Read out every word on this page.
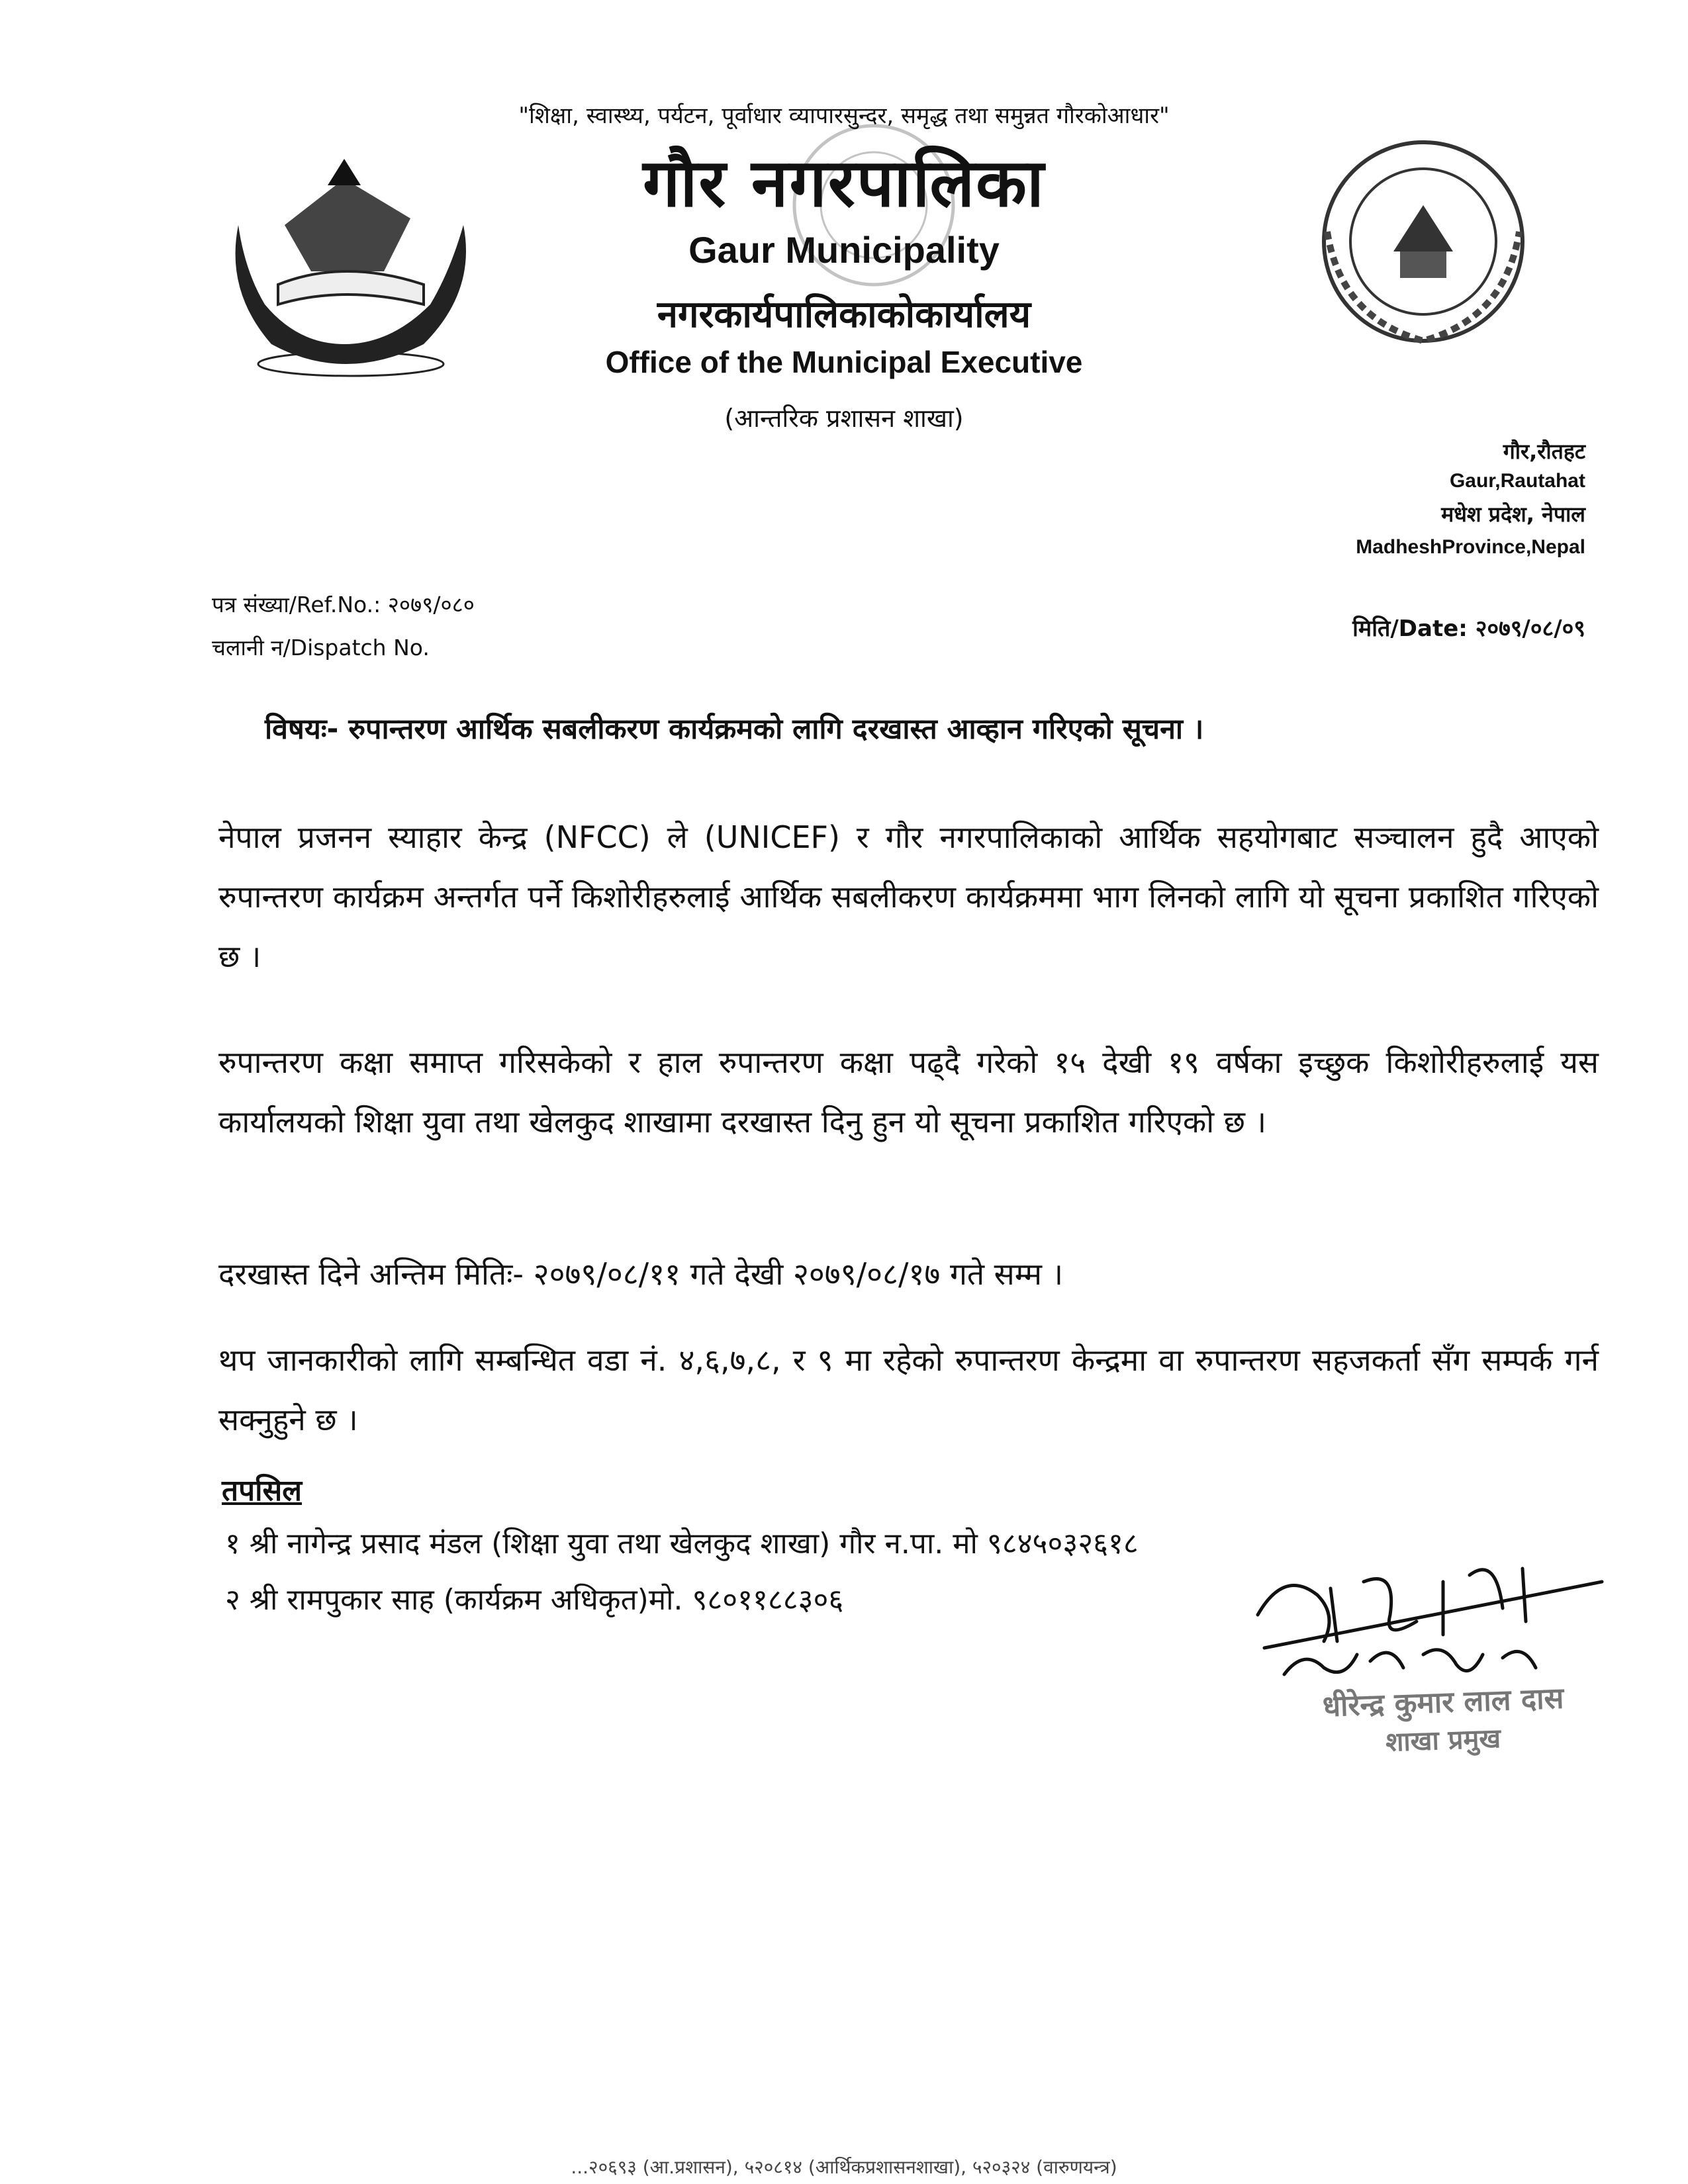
"शिक्षा, स्वास्थ्य, पर्यटन, पूर्वाधार व्यापारसुन्दर, समृद्ध तथा समुन्नत गौरकोआधार"
गौर नगरपालिका
Gaur Municipality
नगरकार्यपालिकाकोकार्यालय
Office of the Municipal Executive
(आन्तरिक प्रशासन शाखा)
गौर,रौतहट
Gaur,Rautahat
मधेश प्रदेश, नेपाल
MadheshProvince,Nepal
पत्र संख्या/Ref.No.: २०७९/०८०
चलानी न/Dispatch No.
मिति/Date: २०७९/०८/०९
विषयः- रुपान्तरण आर्थिक सबलीकरण कार्यक्रमको लागि दरखास्त आव्हान गरिएको सूचना ।
नेपाल प्रजनन स्याहार केन्द्र (NFCC) ले (UNICEF) र गौर नगरपालिकाको आर्थिक सहयोगबाट सञ्चालन हुदै आएको रुपान्तरण कार्यक्रम अन्तर्गत पर्ने किशोरीहरुलाई आर्थिक सबलीकरण कार्यक्रममा भाग लिनको लागि यो सूचना प्रकाशित गरिएको छ ।
रुपान्तरण कक्षा समाप्त गरिसकेको र हाल रुपान्तरण कक्षा पढ्दै गरेको १५ देखी १९ वर्षका इच्छुक किशोरीहरुलाई यस कार्यालयको शिक्षा युवा तथा खेलकुद शाखामा दरखास्त दिनु हुन यो सूचना प्रकाशित गरिएको छ ।
दरखास्त दिने अन्तिम मितिः- २०७९/०८/११ गते देखी २०७९/०८/१७ गते सम्म ।
थप जानकारीको लागि सम्बन्धित वडा नं. ४,६,७,८, र ९ मा रहेको रुपान्तरण केन्द्रमा वा रुपान्तरण सहजकर्ता सँग सम्पर्क गर्न सक्नुहुने छ ।
तपसिल
१ श्री नागेन्द्र प्रसाद मंडल (शिक्षा युवा तथा खेलकुद शाखा) गौर न.पा. मो ९८४५०३२६१८
२ श्री रामपुकार साह (कार्यक्रम अधिकृत)मो. ९८०११८८३०६
धीरेन्द्र कुमार लाल दास
शाखा प्रमुख
...२०६९३ (आ.प्रशासन), ५२०८१४ (आर्थिकप्रशासनशाखा), ५२०३२४ (वारुणयन्त्र)
